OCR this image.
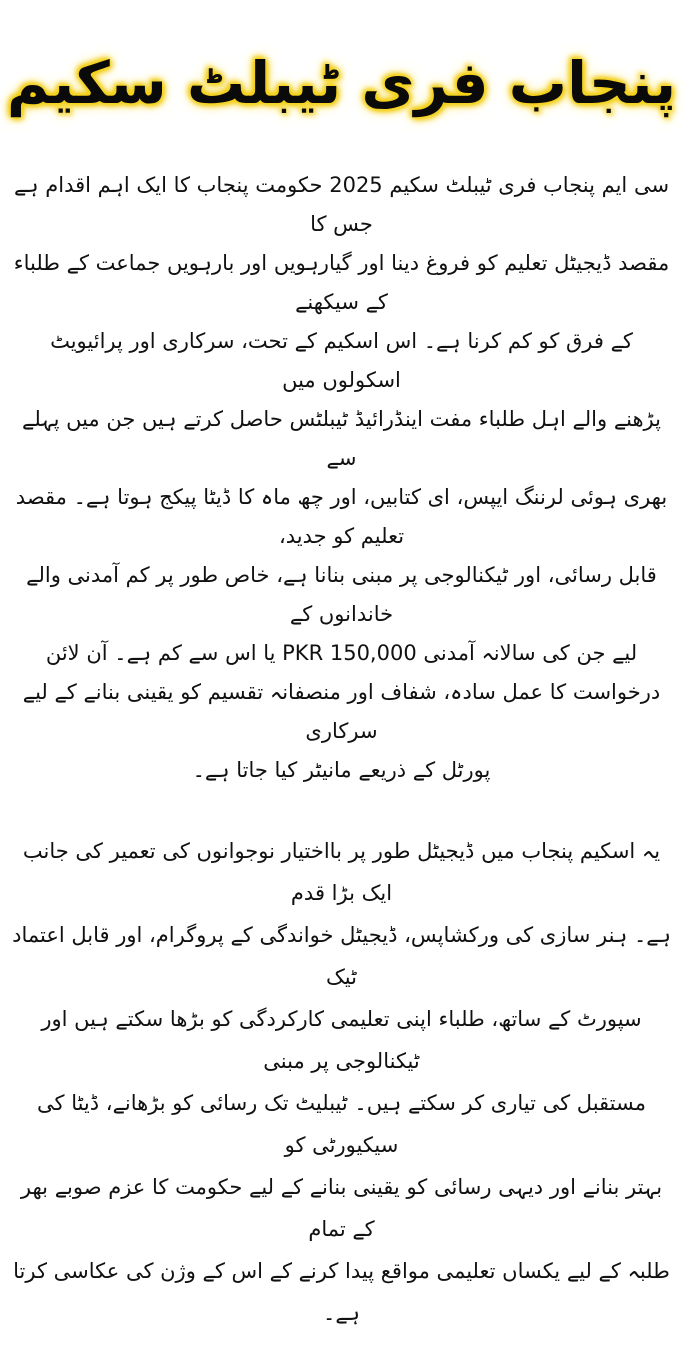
پنجاب فری ٹیبلٹ سکیم
سی ایم پنجاب فری ٹیبلٹ سکیم 2025 حکومت پنجاب کا ایک اہم اقدام ہے جس کا
مقصد ڈیجیٹل تعلیم کو فروغ دینا اور گیارہویں اور بارہویں جماعت کے طلباء کے سیکھنے
کے فرق کو کم کرنا ہے۔ اس اسکیم کے تحت، سرکاری اور پرائیویٹ اسکولوں میں
پڑھنے والے اہل طلباء مفت اینڈرائیڈ ٹیبلٹس حاصل کرتے ہیں جن میں پہلے سے
بھری ہوئی لرننگ ایپس، ای کتابیں، اور چھ ماہ کا ڈیٹا پیکج ہوتا ہے۔ مقصد تعلیم کو جدید،
قابل رسائی، اور ٹیکنالوجی پر مبنی بنانا ہے، خاص طور پر کم آمدنی والے خاندانوں کے
لیے جن کی سالانہ آمدنی PKR 150,000 یا اس سے کم ہے۔ آن لائن
درخواست کا عمل سادہ، شفاف اور منصفانہ تقسیم کو یقینی بنانے کے لیے سرکاری
پورٹل کے ذریعے مانیٹر کیا جاتا ہے۔
یہ اسکیم پنجاب میں ڈیجیٹل طور پر بااختیار نوجوانوں کی تعمیر کی جانب ایک بڑا قدم
ہے۔ ہنر سازی کی ورکشاپس، ڈیجیٹل خواندگی کے پروگرام، اور قابل اعتماد ٹیک
سپورٹ کے ساتھ، طلباء اپنی تعلیمی کارکردگی کو بڑھا سکتے ہیں اور ٹیکنالوجی پر مبنی
مستقبل کی تیاری کر سکتے ہیں۔ ٹیبلیٹ تک رسائی کو بڑھانے، ڈیٹا کی سیکیورٹی کو
بہتر بنانے اور دیہی رسائی کو یقینی بنانے کے لیے حکومت کا عزم صوبے بھر کے تمام
طلبہ کے لیے یکساں تعلیمی مواقع پیدا کرنے کے اس کے وژن کی عکاسی کرتا ہے۔
